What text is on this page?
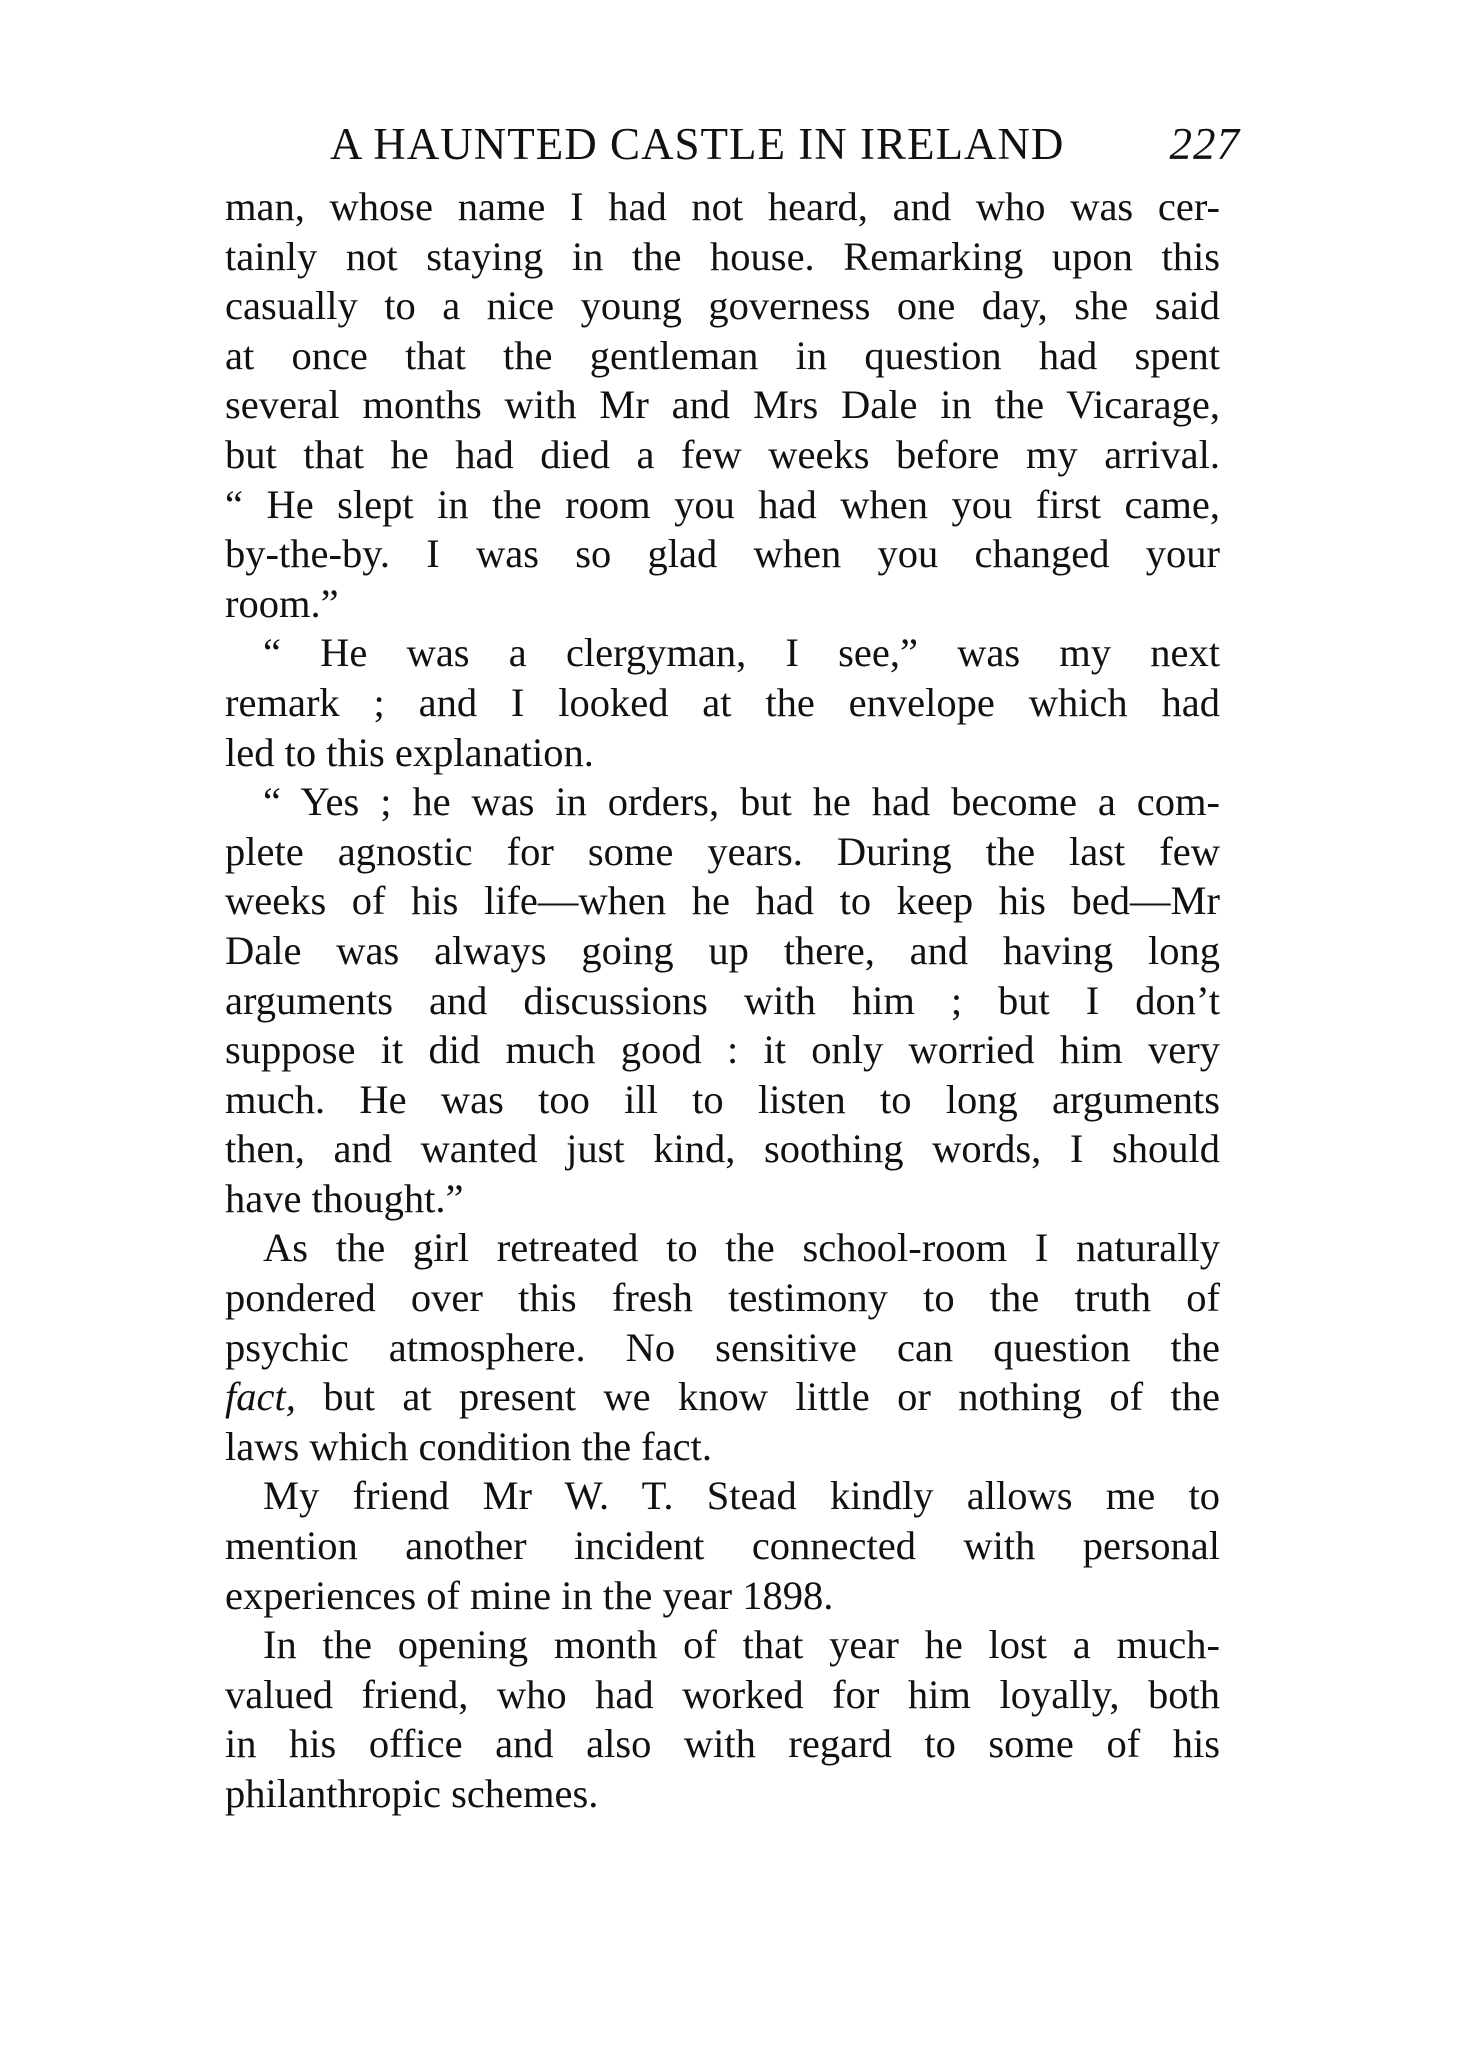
A HAUNTED CASTLE IN IRELAND 227
man, whose name I had not heard, and who was cer-
tainly not staying in the house. Remarking upon this
casually to a nice young governess one day, she said
at once that the gentleman in question had spent
several months with Mr and Mrs Dale in the Vicarage,
but that he had died a few weeks before my arrival.
“ He slept in the room you had when you first came,
by-the-by. I was so glad when you changed your
room.”
“ He was a clergyman, I see,” was my next
remark ; and I looked at the envelope which had
led to this explanation.
“ Yes ; he was in orders, but he had become a com-
plete agnostic for some years. During the last few
weeks of his life—when he had to keep his bed—Mr
Dale was always going up there, and having long
arguments and discussions with him ; but I don’t
suppose it did much good : it only worried him very
much. He was too ill to listen to long arguments
then, and wanted just kind, soothing words, I should
have thought.”
As the girl retreated to the school-room I naturally
pondered over this fresh testimony to the truth of
psychic atmosphere. No sensitive can question the
fact, but at present we know little or nothing of the
laws which condition the fact.
My friend Mr W. T. Stead kindly allows me to
mention another incident connected with personal
experiences of mine in the year 1898.
In the opening month of that year he lost a much-
valued friend, who had worked for him loyally, both
in his office and also with regard to some of his
philanthropic schemes.
